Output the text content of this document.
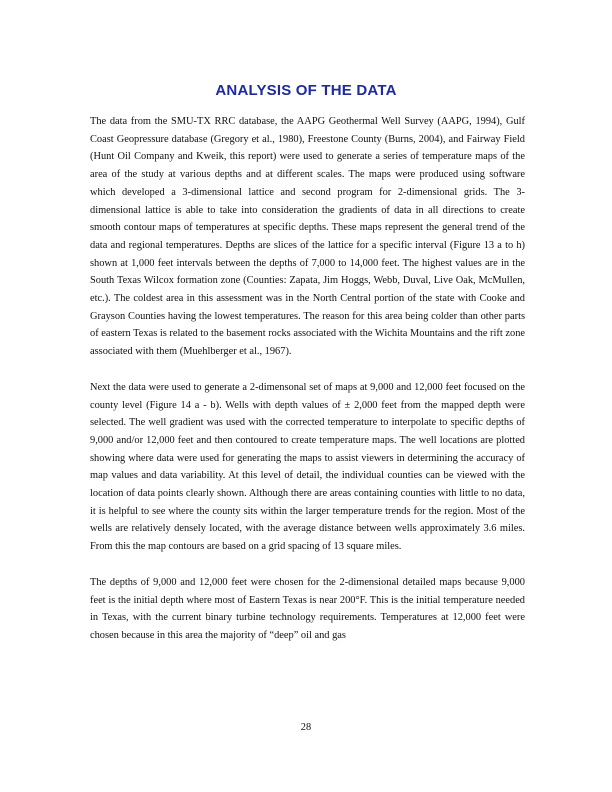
ANALYSIS OF THE DATA

The data from the SMU-TX RRC database, the AAPG Geothermal Well Survey (AAPG, 1994), Gulf Coast Geopressure database (Gregory et al., 1980), Freestone County (Burns, 2004), and Fairway Field (Hunt Oil Company and Kweik, this report) were used to generate a series of temperature maps of the area of the study at various depths and at different scales. The maps were produced using software which developed a 3-dimensional lattice and second program for 2-dimensional grids. The 3-dimensional lattice is able to take into consideration the gradients of data in all directions to create smooth contour maps of temperatures at specific depths. These maps represent the general trend of the data and regional temperatures. Depths are slices of the lattice for a specific interval (Figure 13 a to h) shown at 1,000 feet intervals between the depths of 7,000 to 14,000 feet. The highest values are in the South Texas Wilcox formation zone (Counties: Zapata, Jim Hoggs, Webb, Duval, Live Oak, McMullen, etc.). The coldest area in this assessment was in the North Central portion of the state with Cooke and Grayson Counties having the lowest temperatures. The reason for this area being colder than other parts of eastern Texas is related to the basement rocks associated with the Wichita Mountains and the rift zone associated with them (Muehlberger et al., 1967).

Next the data were used to generate a 2-dimensonal set of maps at 9,000 and 12,000 feet focused on the county level (Figure 14 a - b). Wells with depth values of ± 2,000 feet from the mapped depth were selected. The well gradient was used with the corrected temperature to interpolate to specific depths of 9,000 and/or 12,000 feet and then contoured to create temperature maps. The well locations are plotted showing where data were used for generating the maps to assist viewers in determining the accuracy of map values and data variability. At this level of detail, the individual counties can be viewed with the location of data points clearly shown. Although there are areas containing counties with little to no data, it is helpful to see where the county sits within the larger temperature trends for the region. Most of the wells are relatively densely located, with the average distance between wells approximately 3.6 miles. From this the map contours are based on a grid spacing of 13 square miles.

The depths of 9,000 and 12,000 feet were chosen for the 2-dimensional detailed maps because 9,000 feet is the initial depth where most of Eastern Texas is near 200°F. This is the initial temperature needed in Texas, with the current binary turbine technology requirements. Temperatures at 12,000 feet were chosen because in this area the majority of “deep” oil and gas

28
